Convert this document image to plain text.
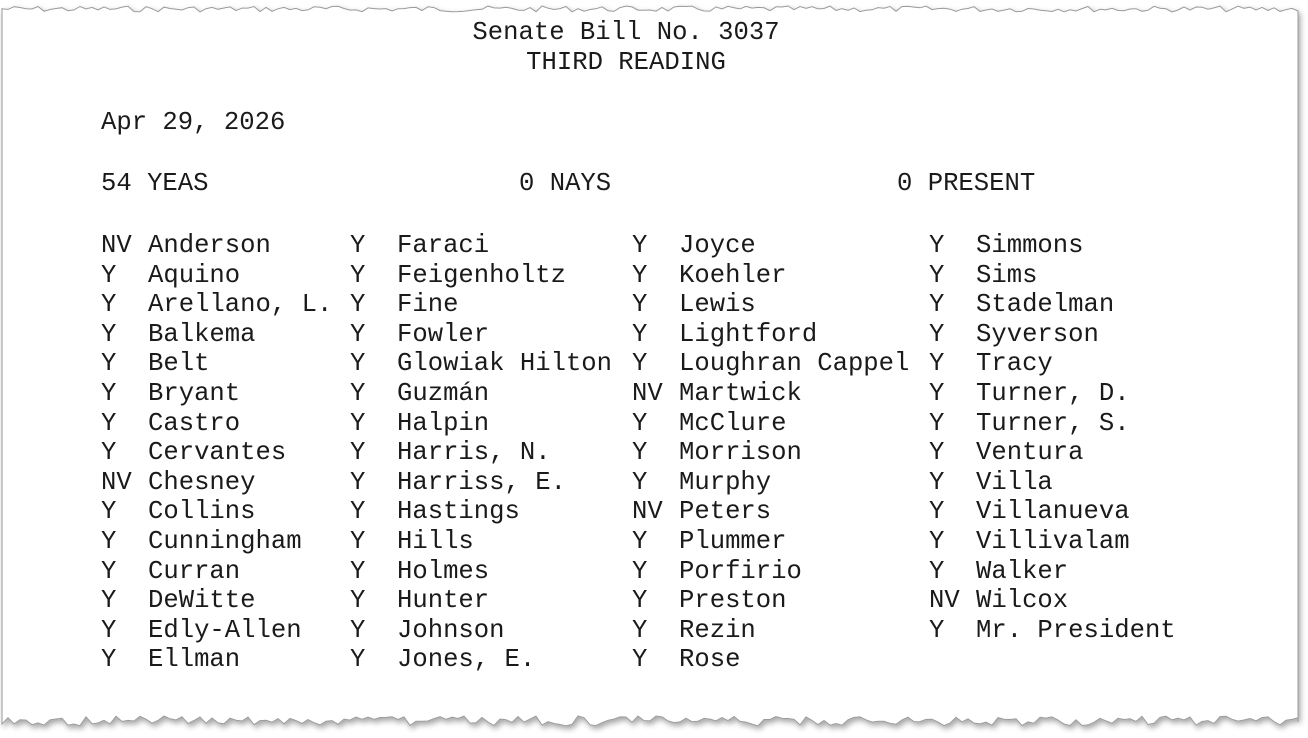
Senate Bill No. 3037

THIRD READING

Apr 29, 2026

54 YEAS

	0 NAYS

	0 PRESENT

NV Anderson
Y Aquino
Y Arellano, L.
Y Balkema
Y Belt
Y Bryant
Y Castro
Y Cervantes
NV Chesney
Y Collins
Y Cunningham
Y Curran
Y DeWitte
Y Edly-Allen
Y Ellman
Y Faraci
Y Feigenholtz
Y Fine
Y Fowler
Y Glowiak Hilton
Y Guzmán
Y Halpin
Y Harris, N.
Y Harriss, E.
Y Hastings
Y Hills
Y Holmes
Y Hunter
Y Johnson
Y Jones, E.
Y Joyce
Y Koehler
Y Lewis
Y Lightford
Y Loughran Cappel
NV Martwick
Y McClure
Y Morrison
Y Murphy
NV Peters
Y Plummer
Y Porfirio
Y Preston
Y Rezin
Y Rose
Y Simmons
Y Sims
Y Stadelman
Y Syverson
Y Tracy
Y Turner, D.
Y Turner, S.
Y Ventura
Y Villa
Y Villanueva
Y Villivalam
Y Walker
NV Wilcox
Y Mr. President
